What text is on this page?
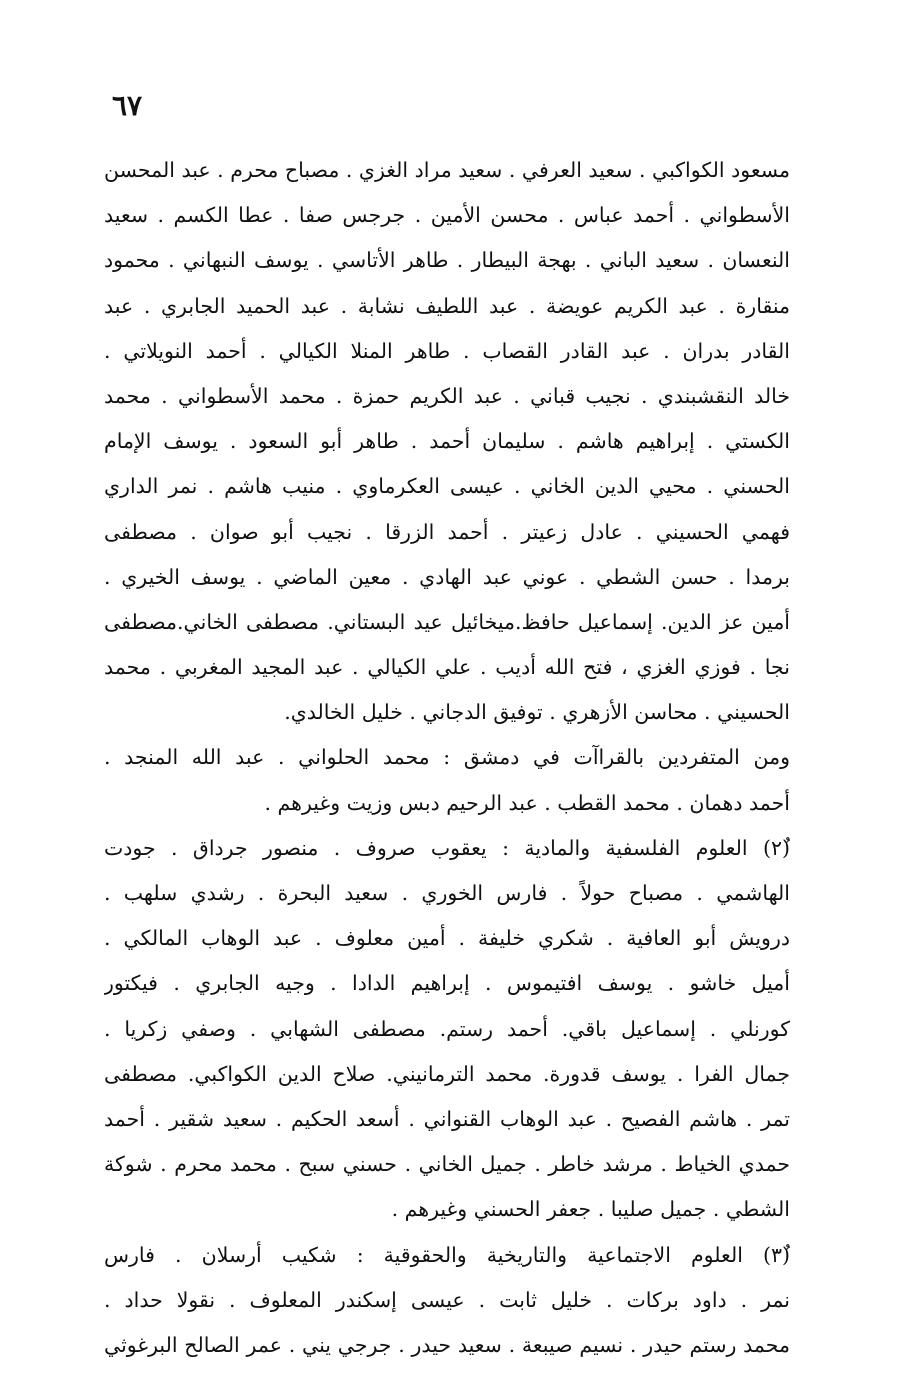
٦٧
مسعود الكواكبي . سعيد العرفي . سعيد مراد الغزي . مصباح محرم . عبد المحسن
الأسطواني . أحمد عباس . محسن الأمين . جرجس صفا . عطا الكسم . سعيد
النعسان . سعيد الباني . بهجة البيطار . طاهر الأتاسي . يوسف النبهاني . محمود
منقارة . عبد الكريم عويضة . عبد اللطيف نشابة . عبد الحميد الجابري . عبد
القادر بدران . عبد القادر القصاب . طاهر المنلا الكيالي . أحمد النويلاتي .
خالد النقشبندي . نجيب قباني . عبد الكريم حمزة . محمد الأسطواني . محمد
الكستي . إبراهيم هاشم . سليمان أحمد . طاهر أبو السعود . يوسف الإمام
الحسني . محيي الدين الخاني . عيسى العكرماوي . منيب هاشم . نمر الداري
فهمي الحسيني . عادل زعيتر . أحمد الزرقا . نجيب أبو صوان . مصطفى
برمدا . حسن الشطي . عوني عبد الهادي . معين الماضي . يوسف الخيري .
أمين عز الدين. إسماعيل حافظ.ميخائيل عيد البستاني. مصطفى الخاني.مصطفى
نجا . فوزي الغزي ، فتح الله أديب . علي الكيالي . عبد المجيد المغربي . محمد
الحسيني . محاسن الأزهري . توفيق الدجاني . خليل الخالدي.
ومن المتفردين بالقراآت في دمشق : محمد الحلواني . عبد الله المنجد .
أحمد دهمان . محمد القطب . عبد الرحيم دبس وزيت وغيرهم .
(٢ٌ) العلوم الفلسفية والمادية : يعقوب صروف . منصور جرداق . جودت
الهاشمي . مصباح حولاً . فارس الخوري . سعيد البحرة . رشدي سلهب .
درويش أبو العافية . شكري خليفة . أمين معلوف . عبد الوهاب المالكي .
أميل خاشو . يوسف افتيموس . إبراهيم الدادا . وجيه الجابري . فيكتور
كورنلي . إسماعيل باقي. أحمد رستم. مصطفى الشهابي . وصفي زكريا .
جمال الفرا . يوسف قدورة. محمد الترمانيني. صلاح الدين الكواكبي. مصطفى
تمر . هاشم الفصيح . عبد الوهاب القنواني . أسعد الحكيم . سعيد شقير . أحمد
حمدي الخياط . مرشد خاطر . جميل الخاني . حسني سبح . محمد محرم . شوكة
الشطي . جميل صليبا . جعفر الحسني وغيرهم .
(٣ٌ) العلوم الاجتماعية والتاريخية والحقوقية : شكيب أرسلان . فارس
نمر . داود بركات . خليل ثابت . عيسى إسكندر المعلوف . نقولا حداد .
محمد رستم حيدر . نسيم صيبعة . سعيد حيدر . جرجي يني . عمر الصالح البرغوثي
